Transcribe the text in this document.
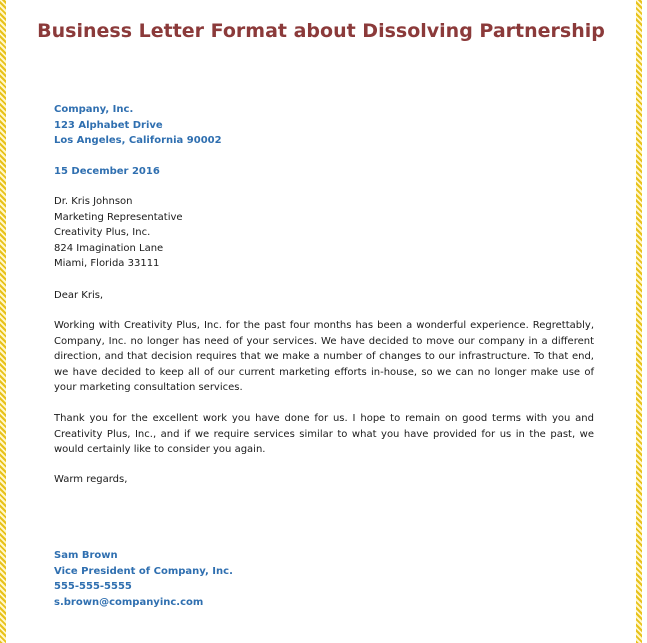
Business Letter Format about Dissolving Partnership
Company, Inc.
123 Alphabet Drive
Los Angeles, California 90002
15 December 2016
Dr. Kris Johnson
Marketing Representative
Creativity Plus, Inc.
824 Imagination Lane
Miami, Florida 33111
Dear Kris,
Working with Creativity Plus, Inc. for the past four months has been a wonderful experience. Regrettably, Company, Inc. no longer has need of your services. We have decided to move our company in a different direction, and that decision requires that we make a number of changes to our infrastructure. To that end, we have decided to keep all of our current marketing efforts in-house, so we can no longer make use of your marketing consultation services.
Thank you for the excellent work you have done for us. I hope to remain on good terms with you and Creativity Plus, Inc., and if we require services similar to what you have provided for us in the past, we would certainly like to consider you again.
Warm regards,
Sam Brown
Vice President of Company, Inc.
555-555-5555
s.brown@companyinc.com
